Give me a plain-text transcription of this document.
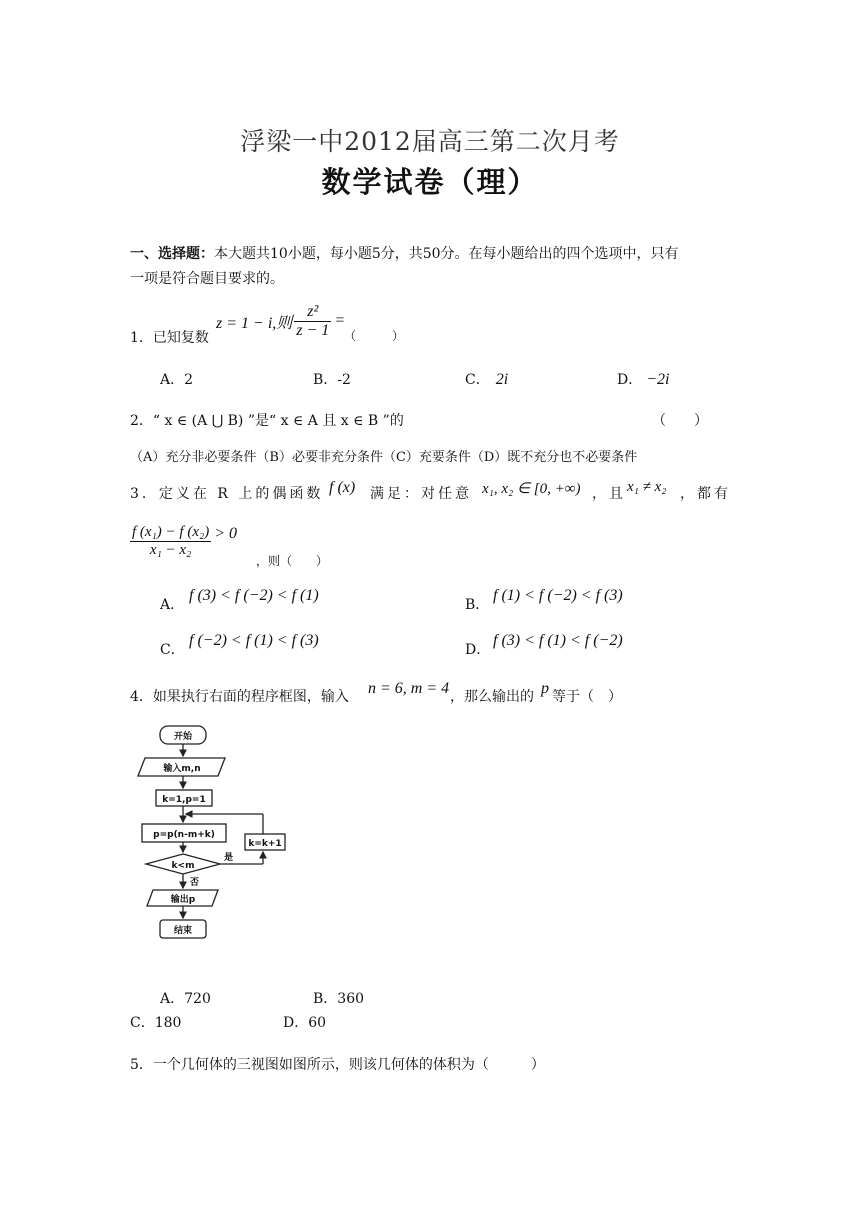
浮梁一中2012届高三第二次月考
数学试卷（理）
一、选择题：本大题共10小题，每小题5分，共50分。在每小题给出的四个选项中，只有
一项是符合题目要求的。
1．已知复数
z = 1 − i,则 $\frac{\text{z²}}{z - 1}$ =
（　　　）
A．2	B．-2	C． 2i	D． −2i
2．“ x ∈ (A ⋃ B) ”是“ x ∈ A 且 x ∈ B ”的	（　　）
（A）充分非必要条件（B）必要非充分条件（C）充要条件（D）既不充分也不必要条件
3．定义在 R 上的偶函数 f (x) 满足：对任意 x₁, x₂ ∈ [0, +∞) ，且 x₁ ≠ x₂ ，都有
$\frac{\text{f (x₁) − f (x₂)}}{\text{x₁ − x₂}} > 0$
，则（　　）
A．
f (3) < f (−2) < f (1)
B．
f (1) < f (−2) < f (3)
C．
f (−2) < f (1) < f (3)
D．
f (3) < f (1) < f (−2)
4．如果执行右面的程序框图，输入 n = 6, m = 4 ，那么输出的 p 等于（　）
开始
输入m,n
k=1,p=1
p=p(n-m+k)
k=k+1
k<m
是
否
输出p
结束
A．720	B．360
C．180	D．60
5．一个几何体的三视图如图所示，则该几何体的体积为（　　　）
